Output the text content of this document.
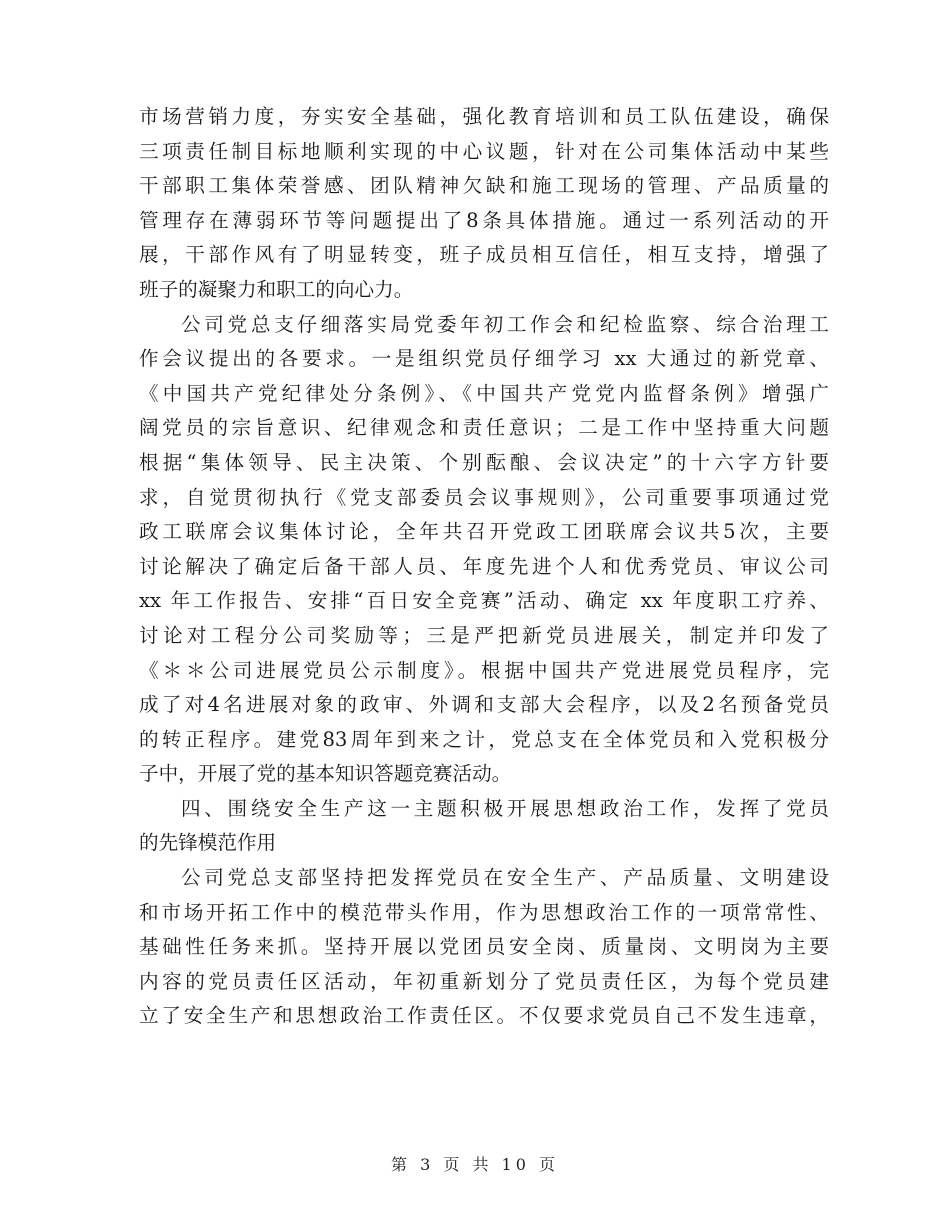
市场营销力度，夯实安全基础，强化教育培训和员工队伍建设，确保
三项责任制目标地顺利实现的中心议题，针对在公司集体活动中某些
干部职工集体荣誉感、团队精神欠缺和施工现场的管理、产品质量的
管理存在薄弱环节等问题提出了8条具体措施。通过一系列活动的开
展，干部作风有了明显转变，班子成员相互信任，相互支持，增强了
班子的凝聚力和职工的向心力。
公司党总支仔细落实局党委年初工作会和纪检监察、综合治理工
作会议提出的各要求。一是组织党员仔细学习 xx 大通过的新党章、
《中国共产党纪律处分条例》、《中国共产党党内监督条例》增强广
阔党员的宗旨意识、纪律观念和责任意识；二是工作中坚持重大问题
根据“集体领导、民主决策、个别酝酿、会议决定”的十六字方针要
求，自觉贯彻执行《党支部委员会议事规则》，公司重要事项通过党
政工联席会议集体讨论，全年共召开党政工团联席会议共5次，主要
讨论解决了确定后备干部人员、年度先进个人和优秀党员、审议公司
xx 年工作报告、安排“百日安全竞赛”活动、确定 xx 年度职工疗养、
讨论对工程分公司奖励等；三是严把新党员进展关，制定并印发了
《＊＊公司进展党员公示制度》。根据中国共产党进展党员程序，完
成了对4名进展对象的政审、外调和支部大会程序，以及2名预备党员
的转正程序。建党83周年到来之计，党总支在全体党员和入党积极分
子中，开展了党的基本知识答题竞赛活动。
四、围绕安全生产这一主题积极开展思想政治工作，发挥了党员
的先锋模范作用
公司党总支部坚持把发挥党员在安全生产、产品质量、文明建设
和市场开拓工作中的模范带头作用，作为思想政治工作的一项常常性、
基础性任务来抓。坚持开展以党团员安全岗、质量岗、文明岗为主要
内容的党员责任区活动，年初重新划分了党员责任区，为每个党员建
立了安全生产和思想政治工作责任区。不仅要求党员自己不发生违章，
第 3 页 共 10 页
